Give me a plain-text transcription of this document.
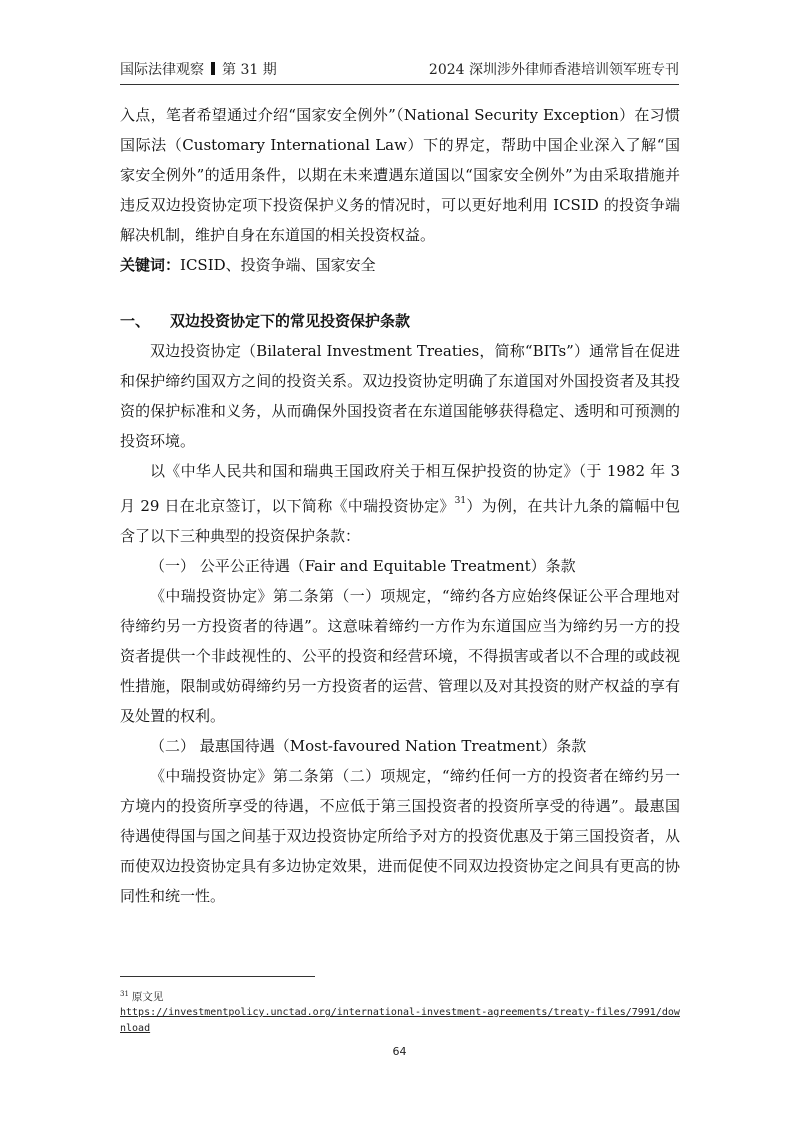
国际法律观察 第 31 期	2024 深圳涉外律师香港培训领军班专刊

入点，笔者希望通过介绍“国家安全例外”（National Security Exception）在习惯国际法（Customary International Law）下的界定，帮助中国企业深入了解“国家安全例外”的适用条件，以期在未来遭遇东道国以“国家安全例外”为由采取措施并违反双边投资协定项下投资保护义务的情况时，可以更好地利用 ICSID 的投资争端解决机制，维护自身在东道国的相关投资权益。

关键词：ICSID、投资争端、国家安全

一、 双边投资协定下的常见投资保护条款

双边投资协定（Bilateral Investment Treaties，简称“BITs”）通常旨在促进和保护缔约国双方之间的投资关系。双边投资协定明确了东道国对外国投资者及其投资的保护标准和义务，从而确保外国投资者在东道国能够获得稳定、透明和可预测的投资环境。

以《中华人民共和国和瑞典王国政府关于相互保护投资的协定》（于 1982 年 3 月 29 日在北京签订，以下简称《中瑞投资协定》$^{31}$）为例，在共计九条的篇幅中包含了以下三种典型的投资保护条款：

（一） 公平公正待遇（Fair and Equitable Treatment）条款

《中瑞投资协定》第二条第（一）项规定，“缔约各方应始终保证公平合理地对待缔约另一方投资者的待遇”。这意味着缔约一方作为东道国应当为缔约另一方的投资者提供一个非歧视性的、公平的投资和经营环境，不得损害或者以不合理的或歧视性措施，限制或妨碍缔约另一方投资者的运营、管理以及对其投资的财产权益的享有及处置的权利。

（二） 最惠国待遇（Most-favoured Nation Treatment）条款

《中瑞投资协定》第二条第（二）项规定，“缔约任何一方的投资者在缔约另一方境内的投资所享受的待遇，不应低于第三国投资者的投资所享受的待遇”。最惠国待遇使得国与国之间基于双边投资协定所给予对方的投资优惠及于第三国投资者，从而使双边投资协定具有多边协定效果，进而促使不同双边投资协定之间具有更高的协同性和统一性。

$^{31}$ 原文见
https://investmentpolicy.unctad.org/international-investment-agreements/treaty-files/7991/download
64
